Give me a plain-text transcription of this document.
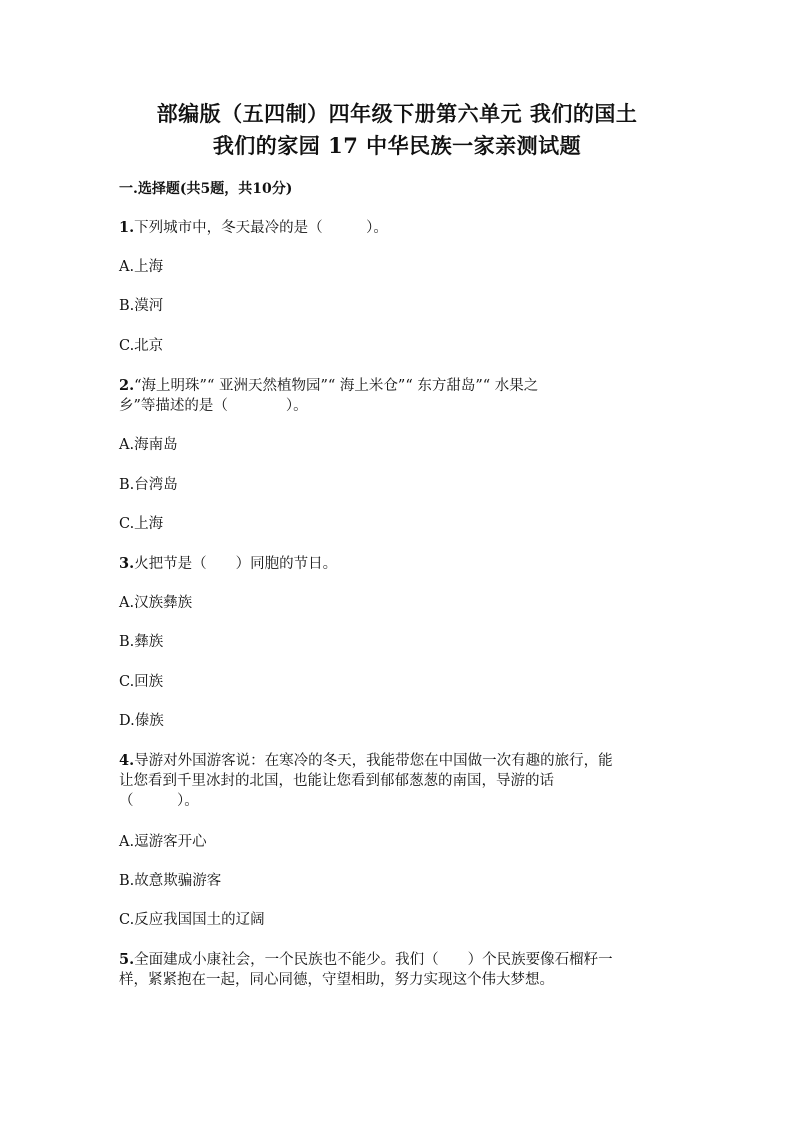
部编版（五四制）四年级下册第六单元 我们的国土
我们的家园 17 中华民族一家亲测试题
一.选择题(共5题，共10分)
1.下列城市中，冬天最冷的是（　　　）。
A.上海
B.漠河
C.北京
2.“海上明珠”“ 亚洲天然植物园”“ 海上米仓”“ 东方甜岛”“ 水果之
乡”等描述的是（　　　　）。
A.海南岛
B.台湾岛
C.上海
3.火把节是（　　）同胞的节日。
A.汉族彝族
B.彝族
C.回族
D.傣族
4.导游对外国游客说：在寒冷的冬天，我能带您在中国做一次有趣的旅行，能
让您看到千里冰封的北国，也能让您看到郁郁葱葱的南国，导游的话
（　　　）。
A.逗游客开心
B.故意欺骗游客
C.反应我国国土的辽阔
5.全面建成小康社会，一个民族也不能少。我们（　　）个民族要像石榴籽一
样，紧紧抱在一起，同心同德，守望相助，努力实现这个伟大梦想。
